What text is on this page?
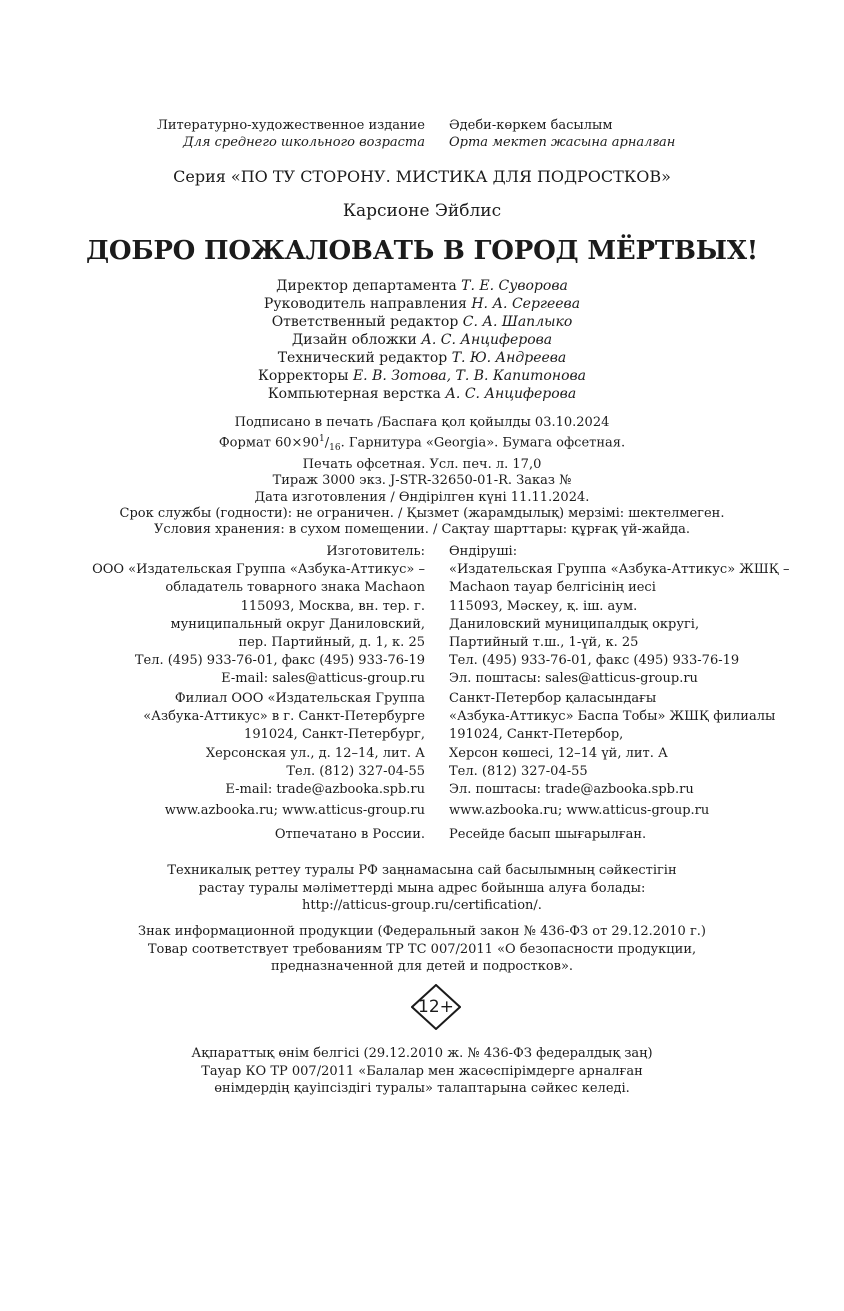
Литературно-художественное издание
Для среднего школьного возраста
Әдеби-көркем басылым
Орта мектеп жасына арналған
Серия «ПО ТУ СТОРОНУ. МИСТИКА ДЛЯ ПОДРОСТКОВ»
Карсионе Эйблис
ДОБРО ПОЖАЛОВАТЬ В ГОРОД МЁРТВЫХ!
Директор департамента Т. Е. Суворова
Руководитель направления Н. А. Сергеева
Ответственный редактор С. А. Шаплыко
Дизайн обложки А. С. Анциферова
Технический редактор Т. Ю. Андреева
Корректоры Е. В. Зотова, Т. В. Капитонова
Компьютерная верстка А. С. Анциферова
Подписано в печать /Баспаға қол қойылды 03.10.2024
Формат $60\times 90^1/_{16}$. Гарнитура «Georgia». Бумага офсетная.
Печать офсетная. Усл. печ. л. 17,0
Тираж 3000 экз. J-STR-32650-01-R. Заказ №
Дата изготовления / Өндірілген күні 11.11.2024.
Срок службы (годности): не ограничен. / Қызмет (жарамдылық) мерзімі: шектелмеген.
Условия хранения: в сухом помещении. / Сақтау шарттары: құрғақ үй-жайда.
Изготовитель:
ООО «Издательская Группа «Азбука-Аттикус» –
обладатель товарного знака Machaon
115093, Москва, вн. тер. г.
муниципальный округ Даниловский,
пер. Партийный, д. 1, к. 25
Тел. (495) 933-76-01, факс (495) 933-76-19
E-mail: sales@atticus-group.ru
Өндіруші:
«Издательская Группа «Азбука-Аттикус» ЖШҚ –
Machaon тауар белгісінің иесі
115093, Мәскеу, қ. іш. аум.
Даниловский муниципалдық округі,
Партийный т.ш., 1-үй, к. 25
Тел. (495) 933-76-01, факс (495) 933-76-19
Эл. поштасы: sales@atticus-group.ru
Филиал ООО «Издательская Группа
«Азбука-Аттикус» в г. Санкт-Петербурге
191024, Санкт-Петербург,
Херсонская ул., д. 12–14, лит. А
Тел. (812) 327-04-55
E-mail: trade@azbooka.spb.ru
Санкт-Петербор қаласындағы
«Азбука-Аттикус» Баспа Тобы» ЖШҚ филиалы
191024, Санкт-Петербор,
Херсон көшесі, 12–14 үй, лит. А
Тел. (812) 327-04-55
Эл. поштасы: trade@azbooka.spb.ru
www.azbooka.ru; www.atticus-group.ru www.azbooka.ru; www.atticus-group.ru
Отпечатано в России. Ресейде басып шығарылған.
Техникалық реттеу туралы РФ заңнамасына сай басылымның сәйкестігін
растау туралы мәліметтерді мына адрес бойынша алуға болады:
http://atticus-group.ru/certification/.
Знак информационной продукции (Федеральный закон № 436-ФЗ от 29.12.2010 г.)
Товар соответствует требованиям ТР ТС 007/2011 «О безопасности продукции,
предназначенной для детей и подростков».
12+
Ақпараттық өнім белгісі (29.12.2010 ж. № 436-ФЗ федералдық заң)
Тауар КО ТР 007/2011 «Балалар мен жасөспірімдерге арналған
өнімдердің қауіпсіздігі туралы» талаптарына сәйкес келеді.
